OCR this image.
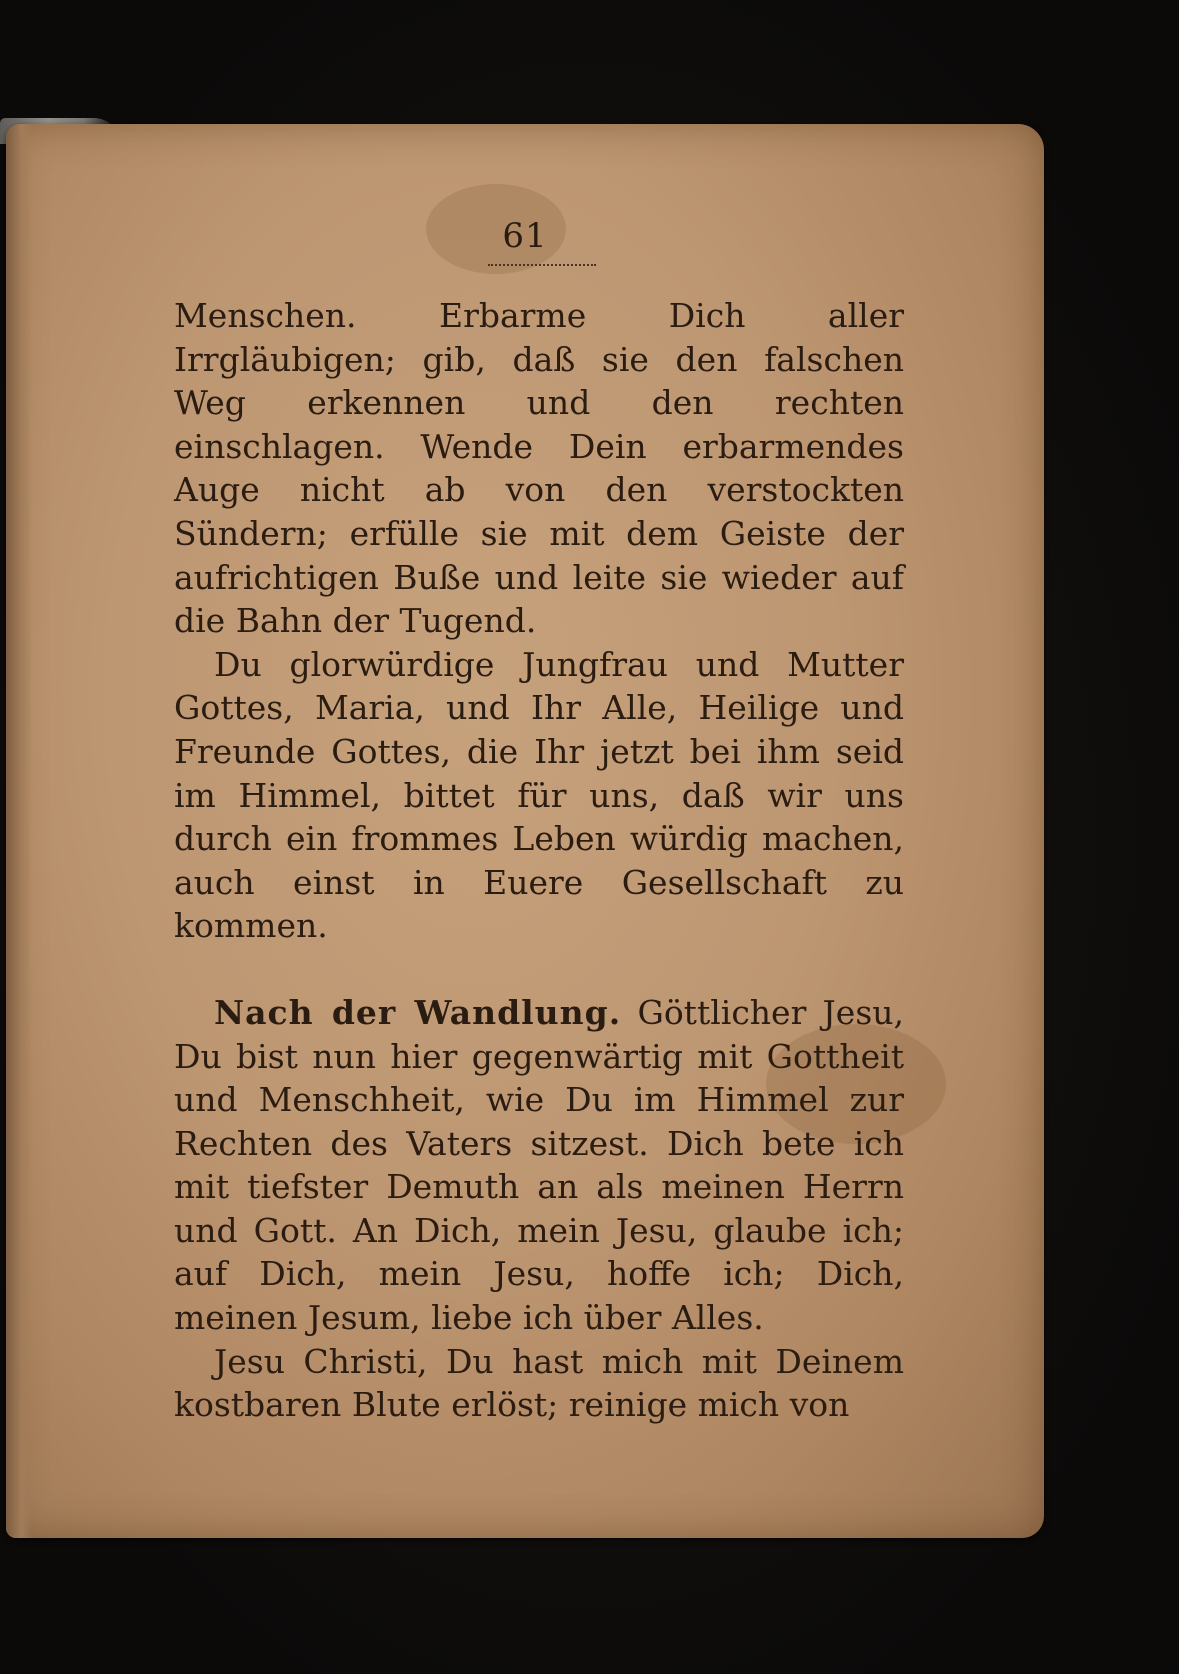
61

Menschen. Erbarme Dich aller Irrgläubigen; gib, daß sie den falschen Weg erkennen und den rechten einschlagen. Wende Dein erbarmendes Auge nicht ab von den verstockten Sündern; erfülle sie mit dem Geiste der aufrichtigen Buße und leite sie wieder auf die Bahn der Tugend.

Du glorwürdige Jungfrau und Mutter Gottes, Maria, und Ihr Alle, Heilige und Freunde Gottes, die Ihr jetzt bei ihm seid im Himmel, bittet für uns, daß wir uns durch ein frommes Leben würdig machen, auch einst in Euere Gesellschaft zu kommen.

Nach der Wandlung. Göttlicher Jesu, Du bist nun hier gegenwärtig mit Gottheit und Menschheit, wie Du im Himmel zur Rechten des Vaters sitzest. Dich bete ich mit tiefster Demuth an als meinen Herrn und Gott. An Dich, mein Jesu, glaube ich; auf Dich, mein Jesu, hoffe ich; Dich, meinen Jesum, liebe ich über Alles.

Jesu Christi, Du hast mich mit Deinem kostbaren Blute erlöst; reinige mich von
